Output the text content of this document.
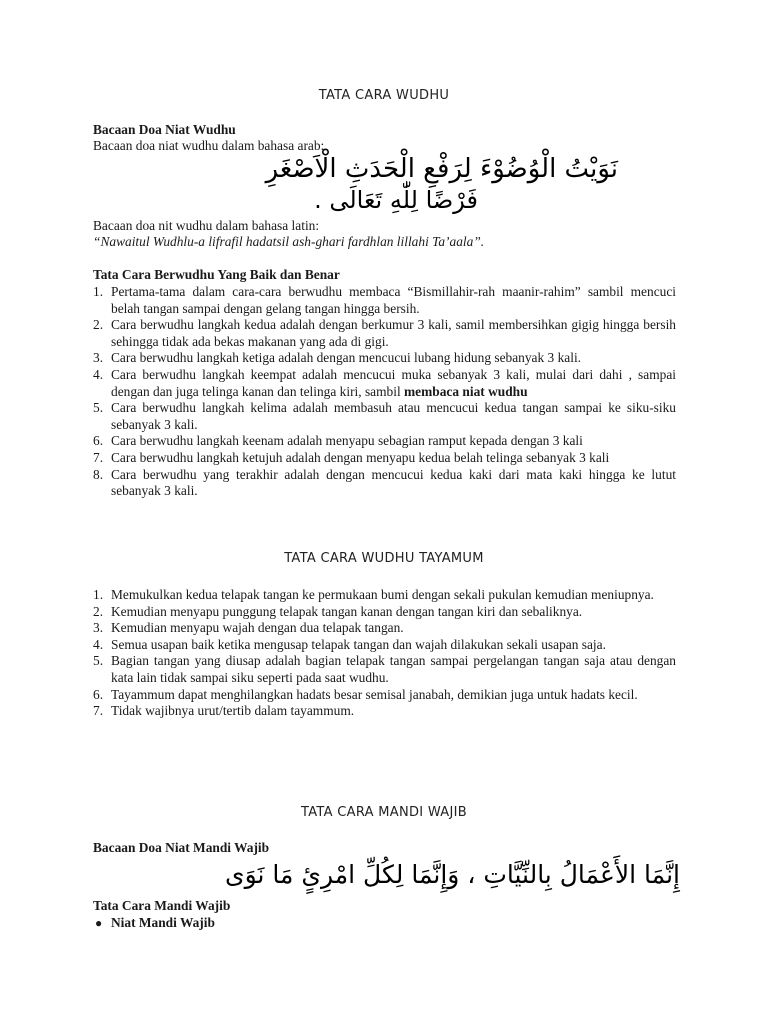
TATA CARA WUDHU
Bacaan Doa Niat Wudhu
Bacaan doa niat wudhu dalam bahasa arab:
نَوَيْتُ الْوُضُوْءَ لِرَفْعِ الْحَدَثِ الْاَصْغَرِ
فَرْضًا لِلّٰهِ تَعَالَى .
Bacaan doa nit wudhu dalam bahasa latin:
“Nawaitul Wudhlu-a lifrafil hadatsil ash-ghari fardhlan lillahi Ta’aala”.
Tata Cara Berwudhu Yang Baik dan Benar
1. Pertama-tama dalam cara-cara berwudhu membaca “Bismillahir-rah maanir-rahim” sambil mencuci belah tangan sampai dengan gelang tangan hingga bersih.
2. Cara berwudhu langkah kedua adalah dengan berkumur 3 kali, samil membersihkan gigig hingga bersih sehingga tidak ada bekas makanan yang ada di gigi.
3. Cara berwudhu langkah ketiga adalah dengan mencucui lubang hidung sebanyak 3 kali.
4. Cara berwudhu langkah keempat adalah mencucui muka sebanyak 3 kali, mulai dari dahi , sampai dengan dan juga telinga kanan dan telinga kiri, sambil membaca niat wudhu
5. Cara berwudhu langkah kelima adalah membasuh atau mencucui kedua tangan sampai ke siku-siku sebanyak 3 kali.
6. Cara berwudhu langkah keenam adalah menyapu sebagian ramput kepada dengan 3 kali
7. Cara berwudhu langkah ketujuh adalah dengan menyapu kedua belah telinga sebanyak 3 kali
8. Cara berwudhu yang terakhir adalah dengan mencucui kedua kaki dari mata kaki hingga ke lutut sebanyak 3 kali.
TATA CARA WUDHU TAYAMUM
1. Memukulkan kedua telapak tangan ke permukaan bumi dengan sekali pukulan kemudian meniupnya.
2. Kemudian menyapu punggung telapak tangan kanan dengan tangan kiri dan sebaliknya.
3. Kemudian menyapu wajah dengan dua telapak tangan.
4. Semua usapan baik ketika mengusap telapak tangan dan wajah dilakukan sekali usapan saja.
5. Bagian tangan yang diusap adalah bagian telapak tangan sampai pergelangan tangan saja atau dengan kata lain tidak sampai siku seperti pada saat wudhu.
6. Tayammum dapat menghilangkan hadats besar semisal janabah, demikian juga untuk hadats kecil.
7. Tidak wajibnya urut/tertib dalam tayammum.
TATA CARA MANDI WAJIB
Bacaan Doa Niat Mandi Wajib
إِنَّمَا الأَعْمَالُ بِالنِّيَّاتِ ، وَإِنَّمَا لِكُلِّ امْرِئٍ مَا نَوَى
Tata Cara Mandi Wajib
● Niat Mandi Wajib
